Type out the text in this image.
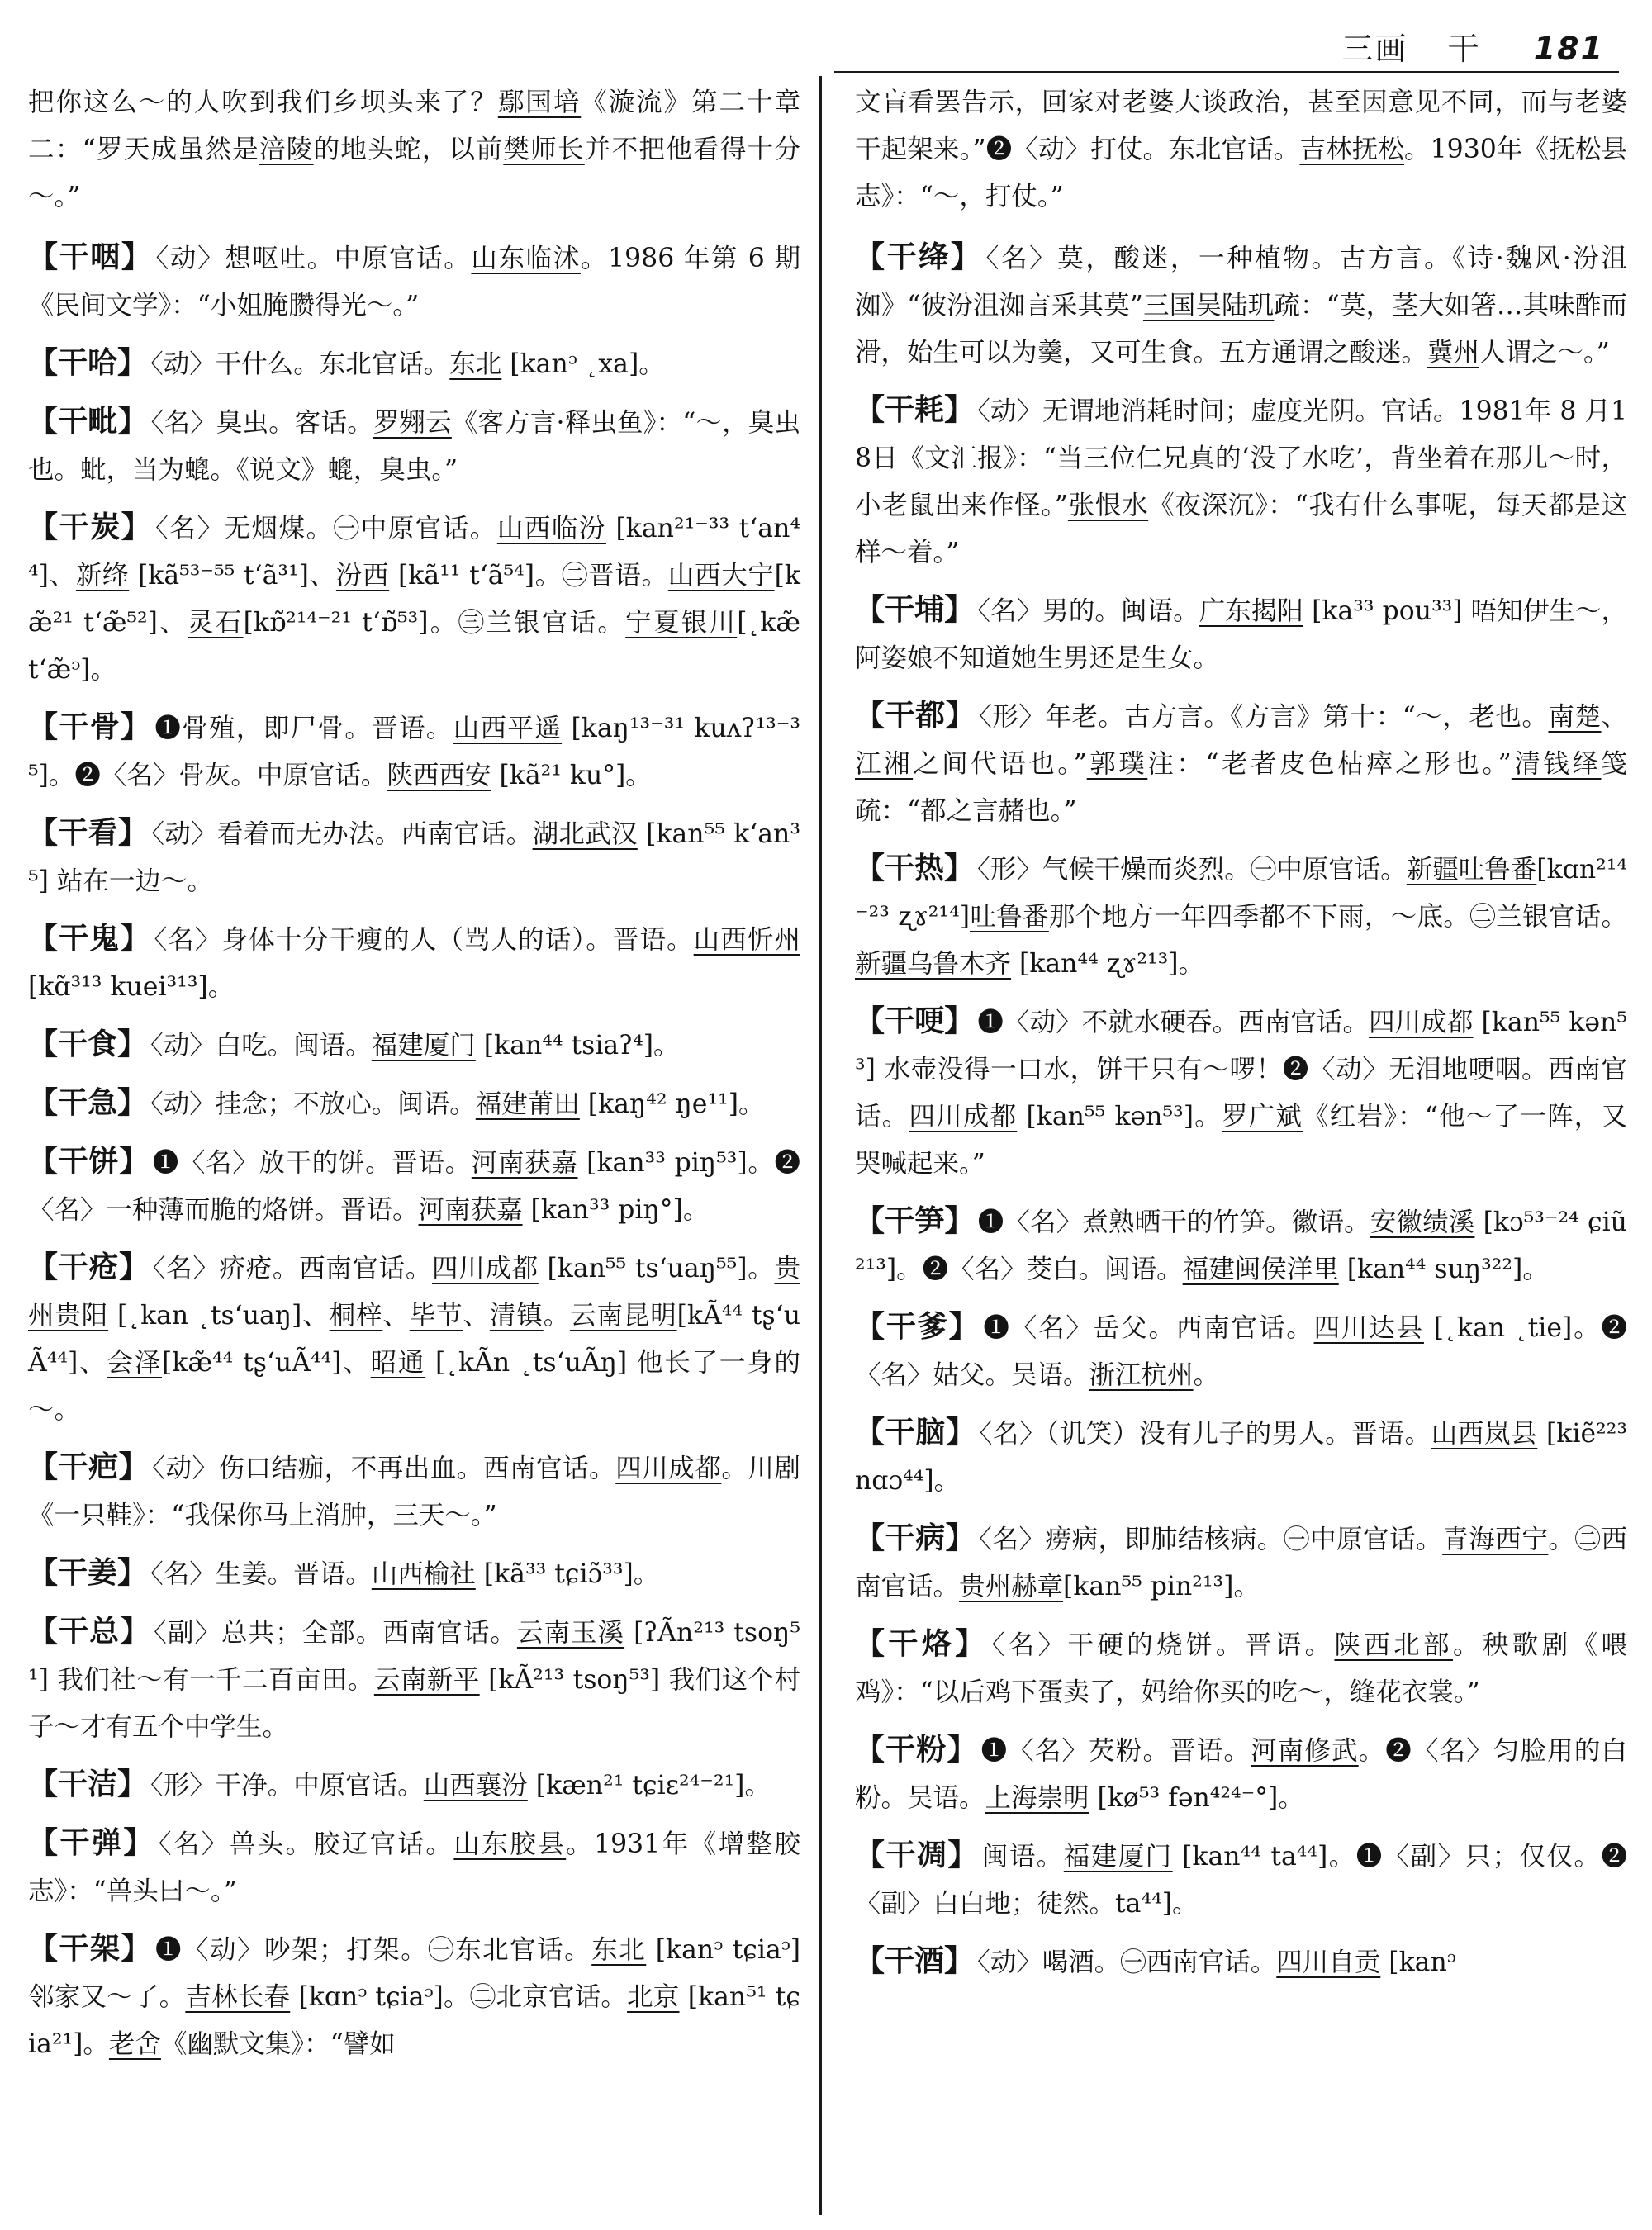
三画 干 181

把你这么～的人吹到我们乡坝头来了？鄢国培《漩流》第二十章二：“罗天成虽然是涪陵的地头蛇，以前樊师长并不把他看得十分～。”

【干咽】 〈动〉想呕吐。中原官话。山东临沭。1986 年第 6 期《民间文学》：“小姐腌臜得光～。”

【干哈】 〈动〉干什么。东北官话。东北 [kanᵓ ˛xa]。

【干毗】 〈名〉臭虫。客话。罗翙云《客方言·释虫鱼》：“～，臭虫也。蚍，当为螕。《说文》螕，臭虫。”

【干炭】 〈名〉无烟煤。㊀中原官话。山西临汾 [kan²¹⁻³³ t‘an⁴⁴]、新绛 [kã⁵³⁻⁵⁵ t‘ã³¹]、汾西 [kã¹¹ t‘ã⁵⁴]。㊁晋语。山西大宁[kæ̃²¹ t‘æ̃⁵²]、灵石[kɒ̃²¹⁴⁻²¹ t‘ɒ̃⁵³]。㊂兰银官话。宁夏银川[˛kæ̃ t‘æ̃ᵓ]。

【干骨】 ❶骨殖，即尸骨。晋语。山西平遥 [kaŋ¹³⁻³¹ kuʌʔ¹³⁻³⁵]。❷〈名〉骨灰。中原官话。陕西西安 [kã²¹ ku°]。

【干看】 〈动〉看着而无办法。西南官话。湖北武汉 [kan⁵⁵ k‘an³⁵] 站在一边～。

【干鬼】 〈名〉身体十分干瘦的人（骂人的话）。晋语。山西忻州 [kɑ̃³¹³ kuei³¹³]。

【干食】 〈动〉白吃。闽语。福建厦门 [kan⁴⁴ tsiaʔ⁴]。

【干急】 〈动〉挂念；不放心。闽语。福建莆田 [kaŋ⁴² ŋe¹¹]。

【干饼】 ❶〈名〉放干的饼。晋语。河南获嘉 [kan³³ piŋ⁵³]。❷〈名〉一种薄而脆的烙饼。晋语。河南获嘉 [kan³³ piŋ°]。

【干疮】 〈名〉疥疮。西南官话。四川成都 [kan⁵⁵ ts‘uaŋ⁵⁵]。贵州贵阳 [˛kan ˛ts‘uaŋ]、桐梓、毕节、清镇。云南昆明[kÃ⁴⁴ tʂ‘uÃ⁴⁴]、会泽[kæ̃⁴⁴ tʂ‘uÃ⁴⁴]、昭通 [˛kÃn ˛ts‘uÃŋ] 他长了一身的～。

【干疤】 〈动〉伤口结痂，不再出血。西南官话。四川成都。川剧《一只鞋》：“我保你马上消肿，三天～。”

【干姜】 〈名〉生姜。晋语。山西榆社 [kã³³ tɕiɔ̃³³]。

【干总】 〈副〉总共；全部。西南官话。云南玉溪 [ʔÃn²¹³ tsoŋ⁵¹] 我们社～有一千二百亩田。云南新平 [kÃ²¹³ tsoŋ⁵³] 我们这个村子～才有五个中学生。

【干洁】 〈形〉干净。中原官话。山西襄汾 [kæn²¹ tɕiɛ²⁴⁻²¹]。

【干弹】 〈名〉兽头。胶辽官话。山东胶县。1931年《增整胶志》：“兽头曰～。”

【干架】 ❶〈动〉吵架；打架。㊀东北官话。东北 [kanᵓ tɕiaᵓ] 邻家又～了。吉林长春 [kɑnᵓ tɕiaᵓ]。㊁北京官话。北京 [kan⁵¹ tɕia²¹]。老舍《幽默文集》：“譬如

文盲看罢告示，回家对老婆大谈政治，甚至因意见不同，而与老婆干起架来。”❷〈动〉打仗。东北官话。吉林抚松。1930年《抚松县志》：“～，打仗。”

【干绛】 〈名〉莫，酸迷，一种植物。古方言。《诗·魏风·汾沮洳》“彼汾沮洳言采其莫”三国吴陆玑疏：“莫，茎大如箸…其味酢而滑，始生可以为羹，又可生食。五方通谓之酸迷。冀州人谓之～。”

【干耗】 〈动〉无谓地消耗时间；虚度光阴。官话。1981年 8 月18日《文汇报》：“当三位仁兄真的‘没了水吃’，背坐着在那儿～时，小老鼠出来作怪。”张恨水《夜深沉》：“我有什么事呢，每天都是这样～着。”

【干埔】 〈名〉男的。闽语。广东揭阳 [ka³³ pou³³] 唔知伊生～，阿姿娘不知道她生男还是生女。

【干都】 〈形〉年老。古方言。《方言》第十：“～，老也。南楚、江湘之间代语也。”郭璞注：“老者皮色枯瘁之形也。”清钱绎笺疏：“都之言赭也。”

【干热】 〈形〉气候干燥而炎烈。㊀中原官话。新疆吐鲁番[kɑn²¹⁴⁻²³ ʐɤ²¹⁴]吐鲁番那个地方一年四季都不下雨，～底。㊁兰银官话。新疆乌鲁木齐 [kan⁴⁴ ʐɤ²¹³]。

【干哽】 ❶〈动〉不就水硬吞。西南官话。四川成都 [kan⁵⁵ kən⁵³] 水壶没得一口水，饼干只有～啰！❷〈动〉无泪地哽咽。西南官话。四川成都 [kan⁵⁵ kən⁵³]。罗广斌《红岩》：“他～了一阵，又哭喊起来。”

【干笋】 ❶〈名〉煮熟晒干的竹笋。徽语。安徽绩溪 [kɔ⁵³⁻²⁴ ɕiũ²¹³]。❷〈名〉茭白。闽语。福建闽侯洋里 [kan⁴⁴ suŋ³²²]。

【干爹】 ❶〈名〉岳父。西南官话。四川达县 [˛kan ˛tie]。❷〈名〉姑父。吴语。浙江杭州。

【干脑】 〈名〉（讥笑）没有儿子的男人。晋语。山西岚县 [kiẽ²²³ nɑɔ⁴⁴]。

【干病】 〈名〉痨病，即肺结核病。㊀中原官话。青海西宁。㊁西南官话。贵州赫章[kan⁵⁵ pin²¹³]。

【干烙】 〈名〉干硬的烧饼。晋语。陕西北部。秧歌剧《喂鸡》：“以后鸡下蛋卖了，妈给你买的吃～，缝花衣裳。”

【干粉】 ❶〈名〉芡粉。晋语。河南修武。❷〈名〉匀脸用的白粉。吴语。上海崇明 [kø⁵³ fən⁴²⁴⁻°]。

【干凋】 闽语。福建厦门 [kan⁴⁴ ta⁴⁴]。❶〈副〉只；仅仅。❷〈副〉白白地；徒然。ta⁴⁴]。

【干酒】 〈动〉喝酒。㊀西南官话。四川自贡 [kanᵓ
